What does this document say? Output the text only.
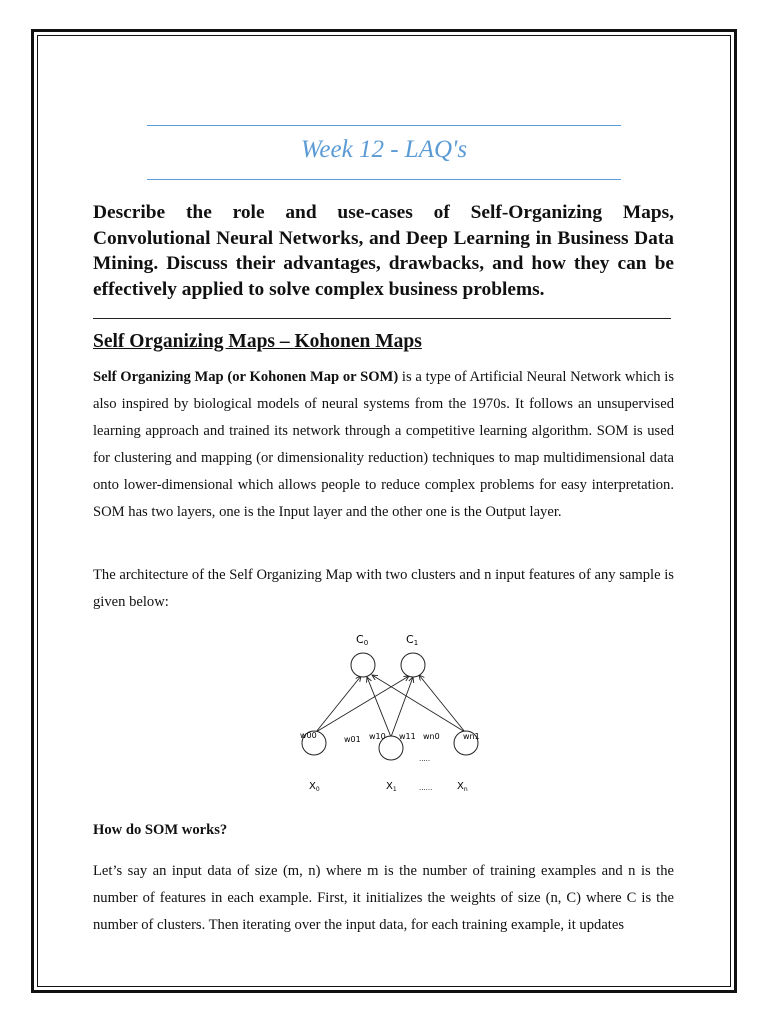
Week 12 - LAQ's
Describe the role and use-cases of Self-Organizing Maps, Convolutional Neural Networks, and Deep Learning in Business Data Mining. Discuss their advantages, drawbacks, and how they can be effectively applied to solve complex business problems.
Self Organizing Maps – Kohonen Maps

Self Organizing Map (or Kohonen Map or SOM) is a type of Artificial Neural Network which is also inspired by biological models of neural systems from the 1970s. It follows an unsupervised learning approach and trained its network through a competitive learning algorithm. SOM is used for clustering and mapping (or dimensionality reduction) techniques to map multidimensional data onto lower-dimensional which allows people to reduce complex problems for easy interpretation. SOM has two layers, one is the Input layer and the other one is the Output layer.

The architecture of the Self Organizing Map with two clusters and n input features of any sample is given below:

C0	C1
w00	w01 w10 w11 wn0	wn1
.....
$X_0$	$X_1$	...... $X_n$
How do SOM works?

Let’s say an input data of size (m, n) where m is the number of training examples and n is the number of features in each example. First, it initializes the weights of size (n, C) where C is the number of clusters. Then iterating over the input data, for each training example, it updates
